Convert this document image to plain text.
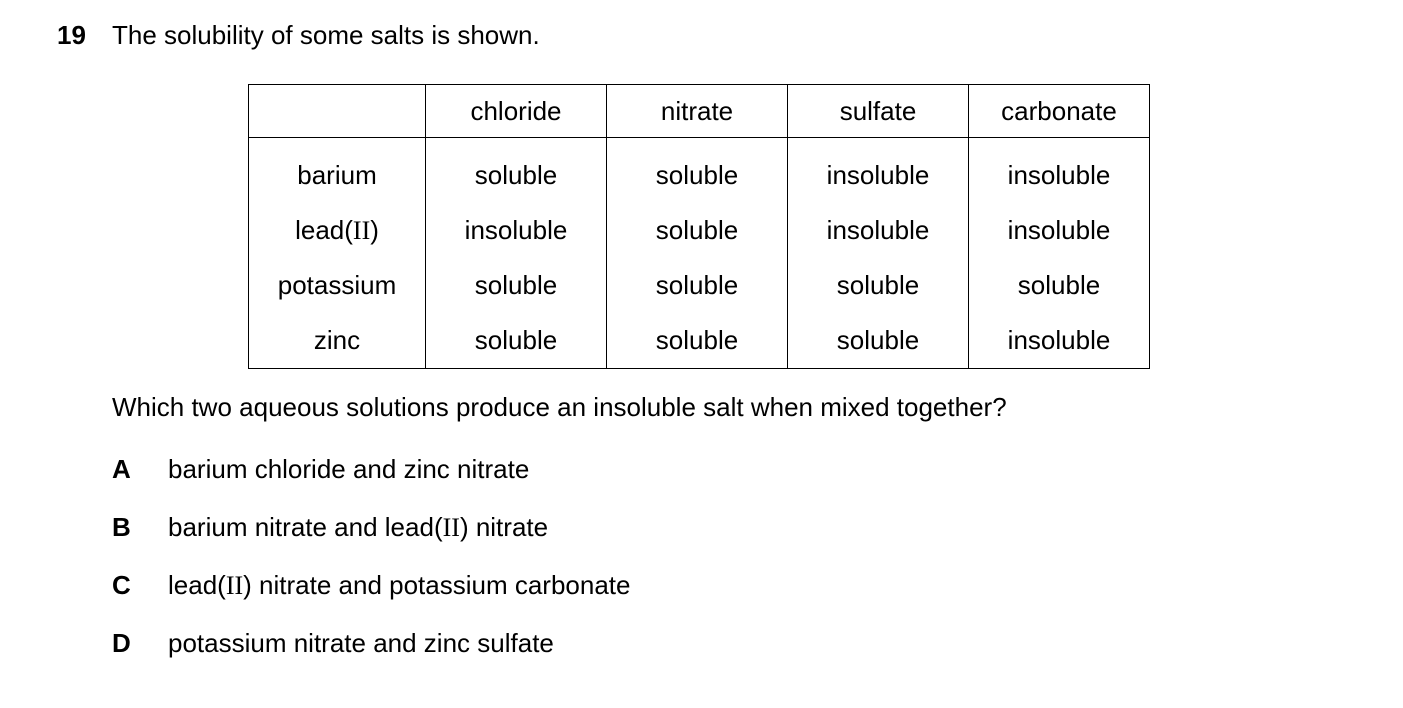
19 The solubility of some salts is shown.
	chloride	nitrate	sulfate	carbonate
barium	soluble	soluble	insoluble	insoluble
lead(II)	insoluble	soluble	insoluble	insoluble
potassium	soluble	soluble	soluble	soluble
zinc	soluble	soluble	soluble	insoluble
Which two aqueous solutions produce an insoluble salt when mixed together?
A barium chloride and zinc nitrate
B barium nitrate and lead(II) nitrate
C lead(II) nitrate and potassium carbonate
D potassium nitrate and zinc sulfate
